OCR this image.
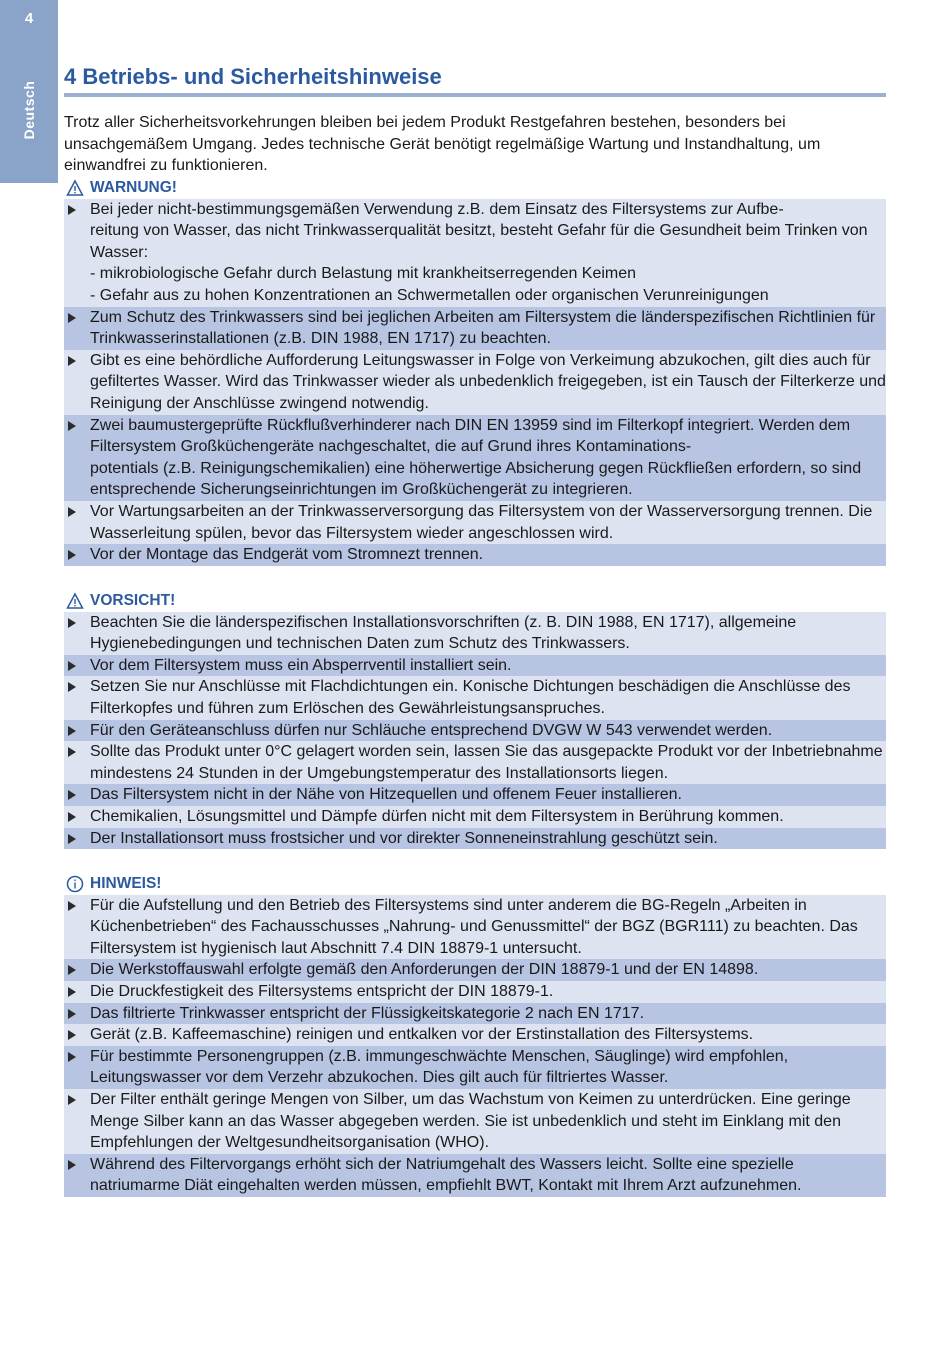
4
Deutsch
4 Betriebs- und Sicherheitshinweise

Trotz aller Sicherheitsvorkehrungen bleiben bei jedem Produkt Restgefahren bestehen, besonders bei unsachgemäßem Umgang. Jedes technische Gerät benötigt regelmäßige Wartung und Instandhaltung, um einwandfrei zu funktionieren.

WARNUNG!
Bei jeder nicht-bestimmungsgemäßen Verwendung z.B. dem Einsatz des Filtersystems zur Aufbe-
reitung von Wasser, das nicht Trinkwasserqualität besitzt, besteht Gefahr für die Gesundheit beim Trinken von Wasser:
- mikrobiologische Gefahr durch Belastung mit krankheitserregenden Keimen
- Gefahr aus zu hohen Konzentrationen an Schwermetallen oder organischen Verunreinigungen
Zum Schutz des Trinkwassers sind bei jeglichen Arbeiten am Filtersystem die länderspezifischen Richtlinien für Trinkwasserinstallationen (z.B. DIN 1988, EN 1717) zu beachten.
Gibt es eine behördliche Aufforderung Leitungswasser in Folge von Verkeimung abzukochen, gilt dies auch für gefiltertes Wasser. Wird das Trinkwasser wieder als unbedenklich freigegeben, ist ein Tausch der Filterkerze und Reinigung der Anschlüsse zwingend notwendig.
Zwei baumustergeprüfte Rückflußverhinderer nach DIN EN 13959 sind im Filterkopf integriert. Werden dem Filtersystem Großküchengeräte nachgeschaltet, die auf Grund ihres Kontaminations-
potentials (z.B. Reinigungschemikalien) eine höherwertige Absicherung gegen Rückfließen erfordern, so sind entsprechende Sicherungseinrichtungen im Großküchengerät zu integrieren.
Vor Wartungsarbeiten an der Trinkwasserversorgung das Filtersystem von der Wasserversorgung trennen. Die Wasserleitung spülen, bevor das Filtersystem wieder angeschlossen wird.
Vor der Montage das Endgerät vom Stromnezt trennen.
VORSICHT!
Beachten Sie die länderspezifischen Installationsvorschriften (z. B. DIN 1988, EN 1717), allgemeine Hygienebedingungen und technischen Daten zum Schutz des Trinkwassers.
Vor dem Filtersystem muss ein Absperrventil installiert sein.
Setzen Sie nur Anschlüsse mit Flachdichtungen ein. Konische Dichtungen beschädigen die Anschlüsse des Filterkopfes und führen zum Erlöschen des Gewährleistungsanspruches.
Für den Geräteanschluss dürfen nur Schläuche entsprechend DVGW W 543 verwendet werden.
Sollte das Produkt unter 0°C gelagert worden sein, lassen Sie das ausgepackte Produkt vor der Inbetriebnahme mindestens 24 Stunden in der Umgebungstemperatur des Installationsorts liegen.
Das Filtersystem nicht in der Nähe von Hitzequellen und offenem Feuer installieren.
Chemikalien, Lösungsmittel und Dämpfe dürfen nicht mit dem Filtersystem in Berührung kommen.
Der Installationsort muss frostsicher und vor direkter Sonneneinstrahlung geschützt sein.
HINWEIS!
Für die Aufstellung und den Betrieb des Filtersystems sind unter anderem die BG-Regeln „Arbeiten in Küchenbetrieben“ des Fachausschusses „Nahrung- und Genussmittel“ der BGZ (BGR111) zu beachten. Das Filtersystem ist hygienisch laut Abschnitt 7.4 DIN 18879-1 untersucht.
Die Werkstoffauswahl erfolgte gemäß den Anforderungen der DIN 18879-1 und der EN 14898.
Die Druckfestigkeit des Filtersystems entspricht der DIN 18879-1.
Das filtrierte Trinkwasser entspricht der Flüssigkeitskategorie 2 nach EN 1717.
Gerät (z.B. Kaffeemaschine) reinigen und entkalken vor der Erstinstallation des Filtersystems.
Für bestimmte Personengruppen (z.B. immungeschwächte Menschen, Säuglinge) wird empfohlen, Leitungswasser vor dem Verzehr abzukochen. Dies gilt auch für filtriertes Wasser.
Der Filter enthält geringe Mengen von Silber, um das Wachstum von Keimen zu unterdrücken. Eine geringe Menge Silber kann an das Wasser abgegeben werden. Sie ist unbedenklich und steht im Einklang mit den Empfehlungen der Weltgesundheitsorganisation (WHO).
Während des Filtervorgangs erhöht sich der Natriumgehalt des Wassers leicht. Sollte eine spezielle natriumarme Diät eingehalten werden müssen, empfiehlt BWT, Kontakt mit Ihrem Arzt aufzunehmen.
